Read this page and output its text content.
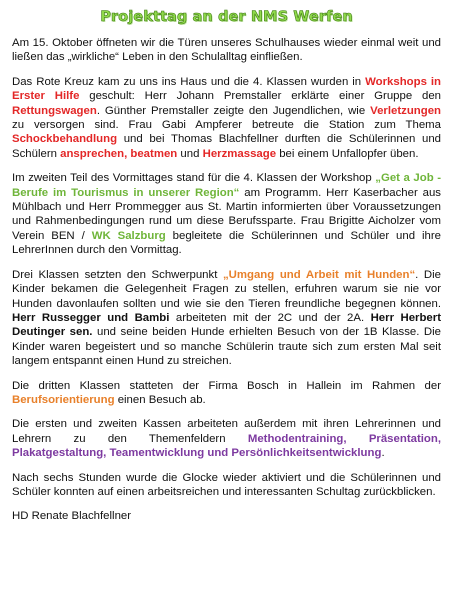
Projekttag an der NMS Werfen

Am 15. Oktober öffneten wir die Türen unseres Schulhauses wieder einmal weit und ließen das „wirkliche“ Leben in den Schulalltag einfließen.

Das Rote Kreuz kam zu uns ins Haus und die 4. Klassen wurden in Workshops in Erster Hilfe geschult: Herr Johann Premstaller erklärte einer Gruppe den Rettungswagen. Günther Premstaller zeigte den Jugendlichen, wie Verletzungen zu versorgen sind. Frau Gabi Ampferer betreute die Station zum Thema Schockbehandlung und bei Thomas Blachfellner durften die Schülerinnen und Schülern ansprechen, beatmen und Herzmassage bei einem Unfallopfer üben.

Im zweiten Teil des Vormittages stand für die 4. Klassen der Workshop „Get a Job - Berufe im Tourismus in unserer Region“ am Programm. Herr Kaserbacher aus Mühlbach und Herr Prommegger aus St. Martin informierten über Voraussetzungen und Rahmenbedingungen rund um diese Berufssparte. Frau Brigitte Aicholzer vom Verein BEN / WK Salzburg begleitete die Schülerinnen und Schüler und ihre LehrerInnen durch den Vormittag.

Drei Klassen setzten den Schwerpunkt „Umgang und Arbeit mit Hunden“. Die Kinder bekamen die Gelegenheit Fragen zu stellen, erfuhren warum sie nie vor Hunden davonlaufen sollten und wie sie den Tieren freundliche begegnen können. Herr Russegger und Bambi arbeiteten mit der 2C und der 2A. Herr Herbert Deutinger sen. und seine beiden Hunde erhielten Besuch von der 1B Klasse. Die Kinder waren begeistert und so manche Schülerin traute sich zum ersten Mal seit langem entspannt einen Hund zu streichen.

Die dritten Klassen statteten der Firma Bosch in Hallein im Rahmen der Berufsorientierung einen Besuch ab.

Die ersten und zweiten Kassen arbeiteten außerdem mit ihren Lehrerinnen und Lehrern zu den Themenfeldern Methodentraining, Präsentation, Plakatgestaltung, Teamentwicklung und Persönlichkeitsentwicklung.

Nach sechs Stunden wurde die Glocke wieder aktiviert und die Schülerinnen und Schüler konnten auf einen arbeitsreichen und interessanten Schultag zurückblicken.

HD Renate Blachfellner
